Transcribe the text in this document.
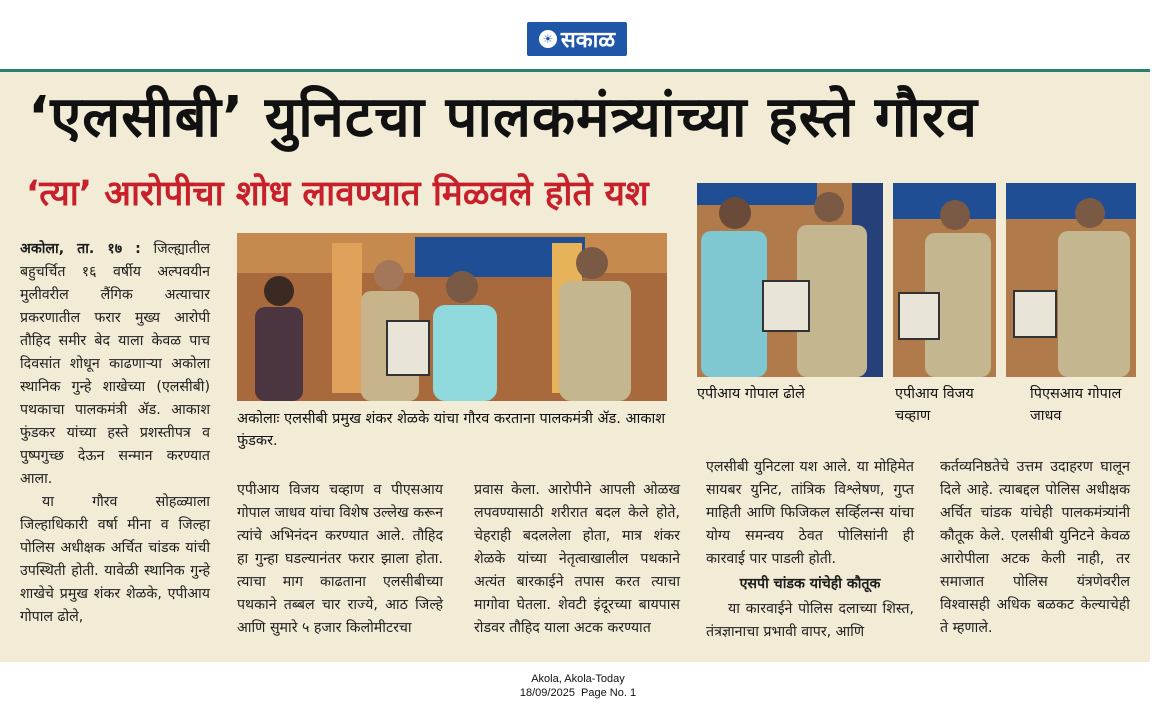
☀ सकाळ
‘एलसीबी’ युनिटचा पालकमंत्र्यांच्या हस्ते गौरव
‘त्या’ आरोपीचा शोध लावण्यात मिळवले होते यश

अकोला, ता. १७ : जिल्ह्यातील बहुचर्चित १६ वर्षीय अल्पवयीन मुलीवरील लैंगिक अत्याचार प्रकरणातील फरार मुख्य आरोपी तौहिद समीर बेद याला केवळ पाच दिवसांत शोधून काढणाऱ्या अकोला स्थानिक गुन्हे शाखेच्या (एलसीबी) पथकाचा पालकमंत्री ॲड. आकाश फुंडकर यांच्या हस्ते प्रशस्तीपत्र व पुष्पगुच्छ देऊन सन्मान करण्यात आला.

या गौरव सोहळ्याला जिल्हाधिकारी वर्षा मीना व जिल्हा पोलिस अधीक्षक अर्चित चांडक यांची उपस्थिती होती. यावेळी स्थानिक गुन्हे शाखेचे प्रमुख शंकर शेळके, एपीआय गोपाल ढोले,

अकोलाः एलसीबी प्रमुख शंकर शेळके यांचा गौरव करताना पालकमंत्री ॲड. आकाश फुंडकर.
एपीआय गोपाल ढोले	एपीआय विजय चव्हाण
पिएसआय गोपाल जाधव

एपीआय विजय चव्हाण व पीएसआय गोपाल जाधव यांचा विशेष उल्लेख करून त्यांचे अभिनंदन करण्यात आले. तौहिद हा गुन्हा घडल्यानंतर फरार झाला होता. त्याचा माग काढताना एलसीबीच्या पथकाने तब्बल चार राज्ये, आठ जिल्हे आणि सुमारे ५ हजार किलोमीटरचा

प्रवास केला. आरोपीने आपली ओळख लपवण्यासाठी शरीरात बदल केले होते, चेहराही बदललेला होता, मात्र शंकर शेळके यांच्या नेतृत्वाखालील पथकाने अत्यंत बारकाईने तपास करत त्याचा मागोवा घेतला. शेवटी इंदूरच्या बायपास रोडवर तौहिद याला अटक करण्यात

एलसीबी युनिटला यश आले. या मोहिमेत सायबर युनिट, तांत्रिक विश्लेषण, गुप्त माहिती आणि फिजिकल सर्व्हिलन्स यांचा योग्य समन्वय ठेवत पोलिसांनी ही कारवाई पार पाडली होती.

एसपी चांडक यांचेही कौतूक

या कारवाईने पोलिस दलाच्या शिस्त, तंत्रज्ञानाचा प्रभावी वापर, आणि

कर्तव्यनिष्ठतेचे उत्तम उदाहरण घालून दिले आहे. त्याबद्दल पोलिस अधीक्षक अर्चित चांडक यांचेही पालकमंत्र्यांनी कौतूक केले. एलसीबी युनिटने केवळ आरोपीला अटक केली नाही, तर समाजात पोलिस यंत्रणेवरील विश्वासही अधिक बळकट केल्याचेही ते म्हणाले.

Akola, Akola-Today
18/09/2025  Page No. 1
